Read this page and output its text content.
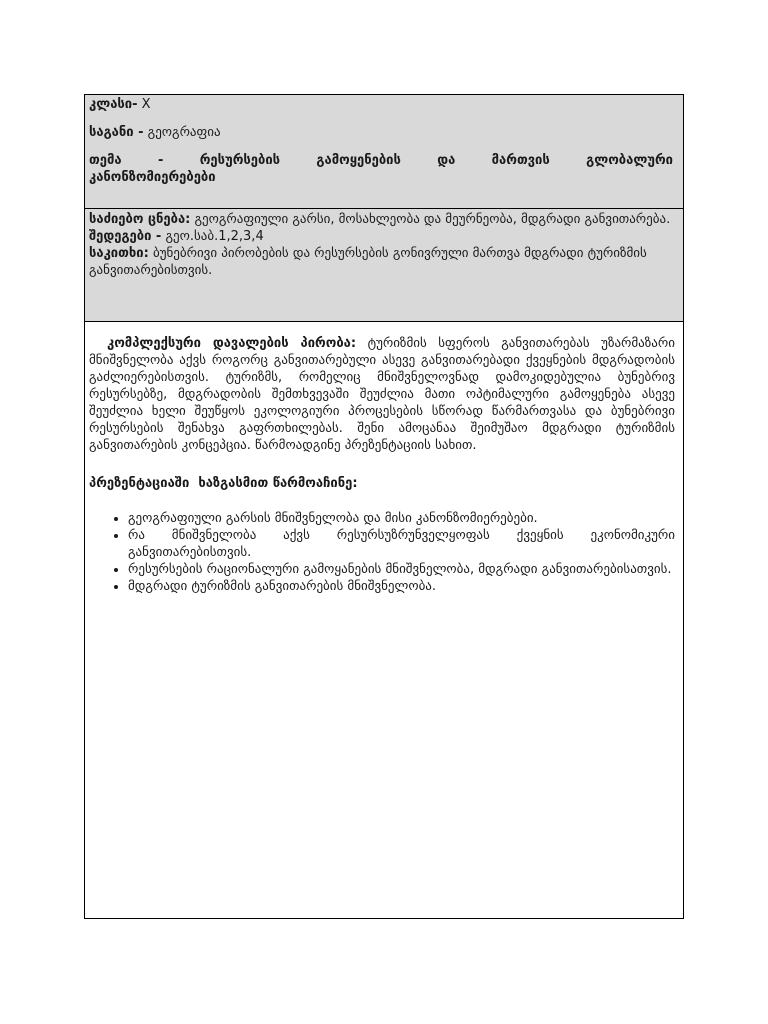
კლასი- X

საგანი - გეოგრაფია

თემა   -   რესურსების   გამოყენების   და   მართვის   გლობალური

კანონზომიერებები

საძიებო ცნება: გეოგრაფიული გარსი, მოსახლეობა და მეურნეობა, მდგრადი განვითარება.

შედეგები - გეო.საბ.1,2,3,4

საკითხი: ბუნებრივი პირობების და რესურსების გონივრული მართვა მდგრადი ტურიზმის განვითარებისთვის.

კომპლექსური დავალების პირობა: ტურიზმის სფეროს განვითარებას უზარმაზარი მნიშვნელობა აქვს როგორც განვითარებული ასევე განვითარებადი ქვეყნების მდგრადობის გაძლიერებისთვის. ტურიზმს, რომელიც მნიშვნელოვნად დამოკიდებულია ბუნებრივ რესურსებზე, მდგრადობის შემთხვევაში შეუძლია მათი ოპტიმალური გამოყენება ასევე შეუძლია ხელი შეუწყოს ეკოლოგიური პროცესების სწორად წარმართვასა და ბუნებრივი რესურსების შენახვა გაფრთხილებას. შენი ამოცანაა შეიმუშაო მდგრადი ტურიზმის განვითარების კონცეპცია. წარმოადგინე პრეზენტაციის სახით.

პრეზენტაციაში  ხაზგასმით წარმოაჩინე:

• გეოგრაფიული გარსის მნიშვნელობა და მისი კანონზომიერებები.
• რა მნიშვნელობა აქვს რესურსუზრუნველყოფას ქვეყნის ეკონომიკური განვითარებისთვის.
• რესურსების რაციონალური გამოყანების მნიშვნელობა, მდგრადი განვითარებისათვის.
• მდგრადი ტურიზმის განვითარების მნიშვნელობა.
